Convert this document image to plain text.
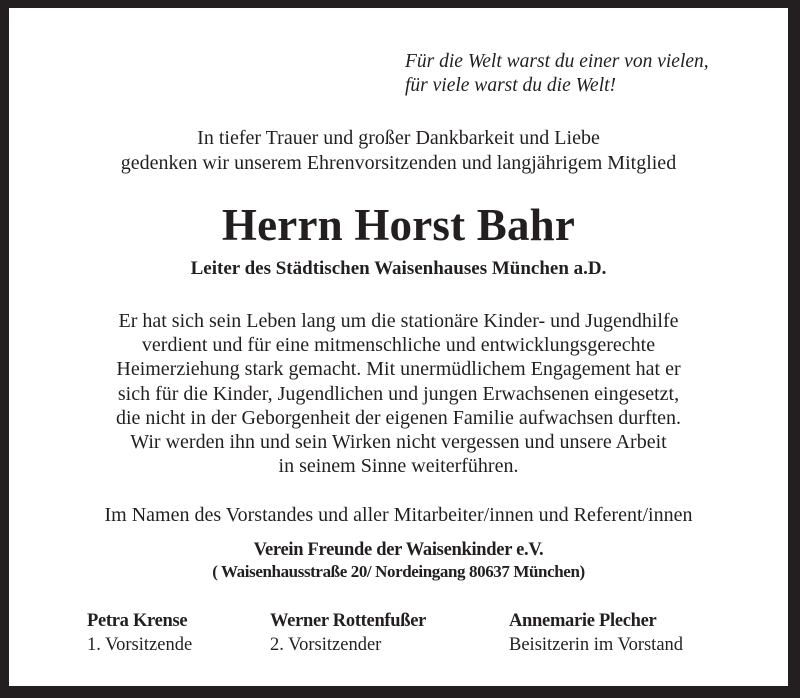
Für die Welt warst du einer von vielen,
für viele warst du die Welt!
In tiefer Trauer und großer Dankbarkeit und Liebe
gedenken wir unserem Ehrenvorsitzenden und langjährigem Mitglied
Herrn Horst Bahr
Leiter des Städtischen Waisenhauses München a.D.
Er hat sich sein Leben lang um die stationäre Kinder- und Jugendhilfe
verdient und für eine mitmenschliche und entwicklungsgerechte
Heimerziehung stark gemacht. Mit unermüdlichem Engagement hat er
sich für die Kinder, Jugendlichen und jungen Erwachsenen eingesetzt,
die nicht in der Geborgenheit der eigenen Familie aufwachsen durften.
Wir werden ihn und sein Wirken nicht vergessen und unsere Arbeit
in seinem Sinne weiterführen.
Im Namen des Vorstandes und aller Mitarbeiter/innen und Referent/innen
Verein Freunde der Waisenkinder e.V.
( Waisenhausstraße 20/ Nordeingang 80637 München)
Petra Krense
1. Vorsitzende
Werner Rottenfußer
2. Vorsitzender
Annemarie Plecher
Beisitzerin im Vorstand
